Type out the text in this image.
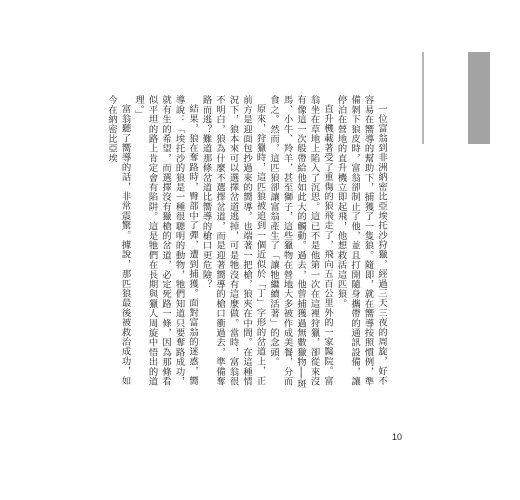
一位富翁到非洲納密比亞埃托沙狩獵，經過三天三夜的周旋，好不容易在嚮導的幫助下，捕獲了一隻狼。隨即，就在嚮導按照慣例，準備剝下狼皮時，富翁卻制止了他，並且打開隨身攜帶的通訊設備，讓停泊在營地的直升機立即起飛，他想救活這匹狼。

直升機載著受了重傷的狼飛走了，飛向五百公里外的一家醫院。富翁坐在草地上陷入了沉思。這已不是他第一次在這裡狩獵，卻從來沒有像這一次般帶給他如此大的觸動。過去，他曾捕獲過無數獵物──斑馬、小牛、羚羊，甚至獅子，這些獵物在營地大多被作成美餐，分而食之。然而，這匹狼卻讓富翁產生了「讓牠繼續活著」的念頭。

原來，狩獵時，這匹狼被追到一個近似於「丁」字形的岔道上，正前方是迎面包抄過來的嚮導，也端著一把槍，狼夾在中間。在這種情況下，狼本來可以選擇岔道逃掉，可是牠沒有這麼做。當時，富翁很不明白，狼為什麼不選擇岔道，而是迎著嚮導的槍口衝過去，準備奪路而逃？難道那條岔道比嚮導的槍口更危險？

結果，狼在奪路時，臀部中了彈，遭到捕獲。面對富翁的迷惑，嚮導說：「埃托沙的狼是一種很聰明的動物，牠們知道只要奪路成功，就有生的希望，而選擇沒有獵槍的岔道，必定死路一條，因為那條看似平坦的路上肯定會有陷阱。這是牠們在長期與獵人周旋中悟出的道理。」

富翁聽了嚮導的話，非常震驚。據說，那匹狼最後被救治成功，如今在納密比亞埃

10
